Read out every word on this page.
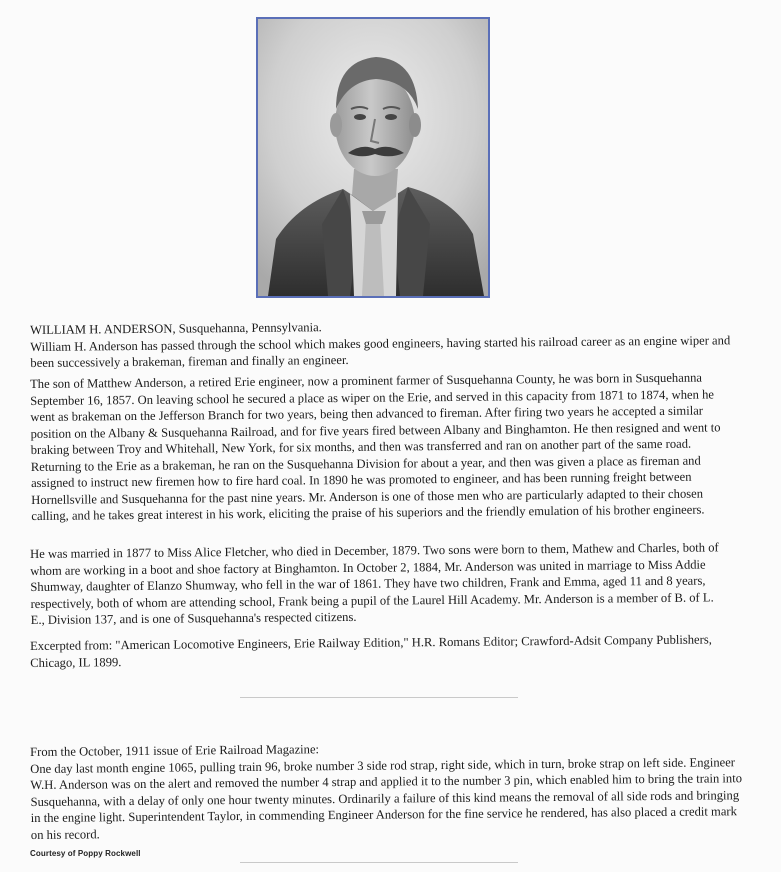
WILLIAM H. ANDERSON, Susquehanna, Pennsylvania.

William H. Anderson has passed through the school which makes good engineers, having started his railroad career as an engine wiper and been successively a brakeman, fireman and finally an engineer.

The son of Matthew Anderson, a retired Erie engineer, now a prominent farmer of Susquehanna County, he was born in Susquehanna September 16, 1857. On leaving school he secured a place as wiper on the Erie, and served in this capacity from 1871 to 1874, when he went as brakeman on the Jefferson Branch for two years, being then advanced to fireman. After firing two years he accepted a similar position on the Albany & Susquehanna Railroad, and for five years fired between Albany and Binghamton. He then resigned and went to braking between Troy and Whitehall, New York, for six months, and then was transferred and ran on another part of the same road. Returning to the Erie as a brakeman, he ran on the Susquehanna Division for about a year, and then was given a place as fireman and assigned to instruct new firemen how to fire hard coal. In 1890 he was promoted to engineer, and has been running freight between Hornellsville and Susquehanna for the past nine years. Mr. Anderson is one of those men who are particularly adapted to their chosen calling, and he takes great interest in his work, eliciting the praise of his superiors and the friendly emulation of his brother engineers.

He was married in 1877 to Miss Alice Fletcher, who died in December, 1879. Two sons were born to them, Mathew and Charles, both of whom are working in a boot and shoe factory at Binghamton. In October 2, 1884, Mr. Anderson was united in marriage to Miss Addie Shumway, daughter of Elanzo Shumway, who fell in the war of 1861. They have two children, Frank and Emma, aged 11 and 8 years, respectively, both of whom are attending school, Frank being a pupil of the Laurel Hill Academy. Mr. Anderson is a member of B. of L. E., Division 137, and is one of Susquehanna's respected citizens.

Excerpted from: "American Locomotive Engineers, Erie Railway Edition," H.R. Romans Editor; Crawford-Adsit Company Publishers, Chicago, IL 1899.

From the October, 1911 issue of Erie Railroad Magazine:

One day last month engine 1065, pulling train 96, broke number 3 side rod strap, right side, which in turn, broke strap on left side. Engineer W.H. Anderson was on the alert and removed the number 4 strap and applied it to the number 3 pin, which enabled him to bring the train into Susquehanna, with a delay of only one hour twenty minutes. Ordinarily a failure of this kind means the removal of all side rods and bringing in the engine light. Superintendent Taylor, in commending Engineer Anderson for the fine service he rendered, has also placed a credit mark on his record.

Courtesy of Poppy Rockwell
